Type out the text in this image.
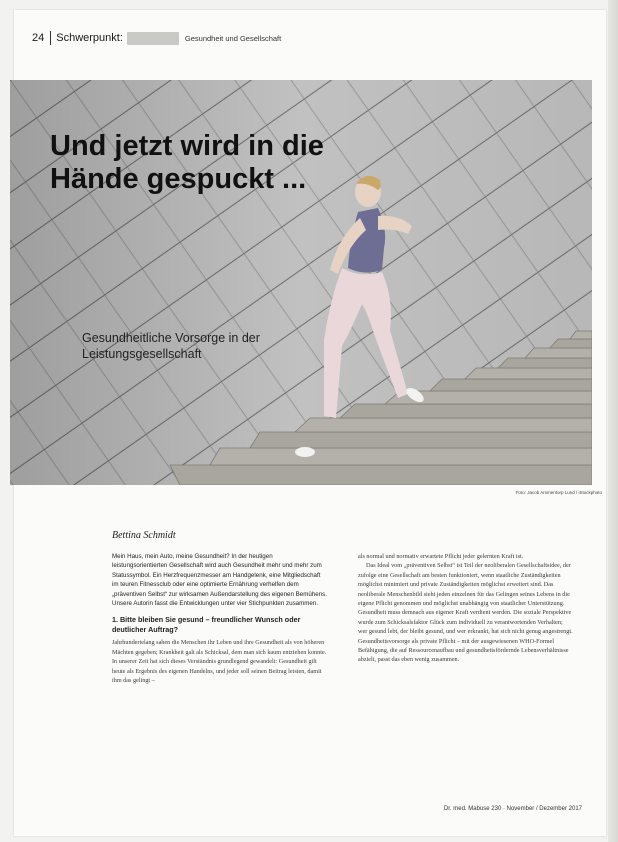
24 Schwerpunkt:	Gesundheit und Gesellschaft
Und jetzt wird in die
Hände gespuckt ...

Gesundheitliche Vorsorge in der
Leistungsgesellschaft

Foto: Jacob Ammentorp Lund / iStockphoto
Bettina Schmidt

Mein Haus, mein Auto, meine Gesundheit? In der heutigen leistungsorientierten Gesellschaft wird auch Gesundheit mehr und mehr zum Statussymbol. Ein Herzfrequenzmesser am Handgelenk, eine Mitgliedschaft im teuren Fitnessclub oder eine optimierte Ernährung verhelfen dem „präventiven Selbst“ zur wirksamen Außendarstellung des eigenen Bemühens. Unsere Autorin fasst die Entwicklungen unter vier Stichpunkten zusammen.

1. Bitte bleiben Sie gesund – freundlicher Wunsch oder deutlicher Auftrag?

Jahrhundertelang sahen die Menschen ihr Leben und ihre Gesundheit als von höheren Mächten gegeben; Krankheit galt als Schicksal, dem man sich kaum entziehen konnte. In unserer Zeit hat sich dieses Verständnis grundlegend gewandelt: Gesundheit gilt heute als Ergebnis des eigenen Handelns, und jeder soll seinen Beitrag leisten, damit ihm das gelingt –

als normal und normativ erwartete Pflicht jeder gelernten Kraft ist.

Das Ideal vom „präventiven Selbst“ ist Teil der neoliberalen Gesellschaftsidee, der zufolge eine Gesellschaft am besten funktioniert, wenn staatliche Zuständigkeiten möglichst minimiert und private Zuständigkeiten möglichst erweitert sind. Das neoliberale Menschenbild sieht jeden einzelnen für das Gelingen seines Lebens in die eigene Pflicht genommen und möglichst unabhängig von staatlicher Unterstützung. Gesundheit muss demnach aus eigener Kraft verdient werden. Die soziale Perspektive wurde zum Schicksalsfaktor Glück zum individuell zu verantwortenden Verhalten; wer gesund lebt, der bleibt gesund, und wer erkrankt, hat sich nicht genug angestrengt. Gesundheitsvorsorge als private Pflicht – mit der ausgewiesenen WHO-Formel Befähigung, die auf Ressourcenaufbau und gesundheitsfördernde Lebensverhältnisse abzielt, passt das eben wenig zusammen.

Dr. med. Mabuse 230 · November / Dezember 2017
